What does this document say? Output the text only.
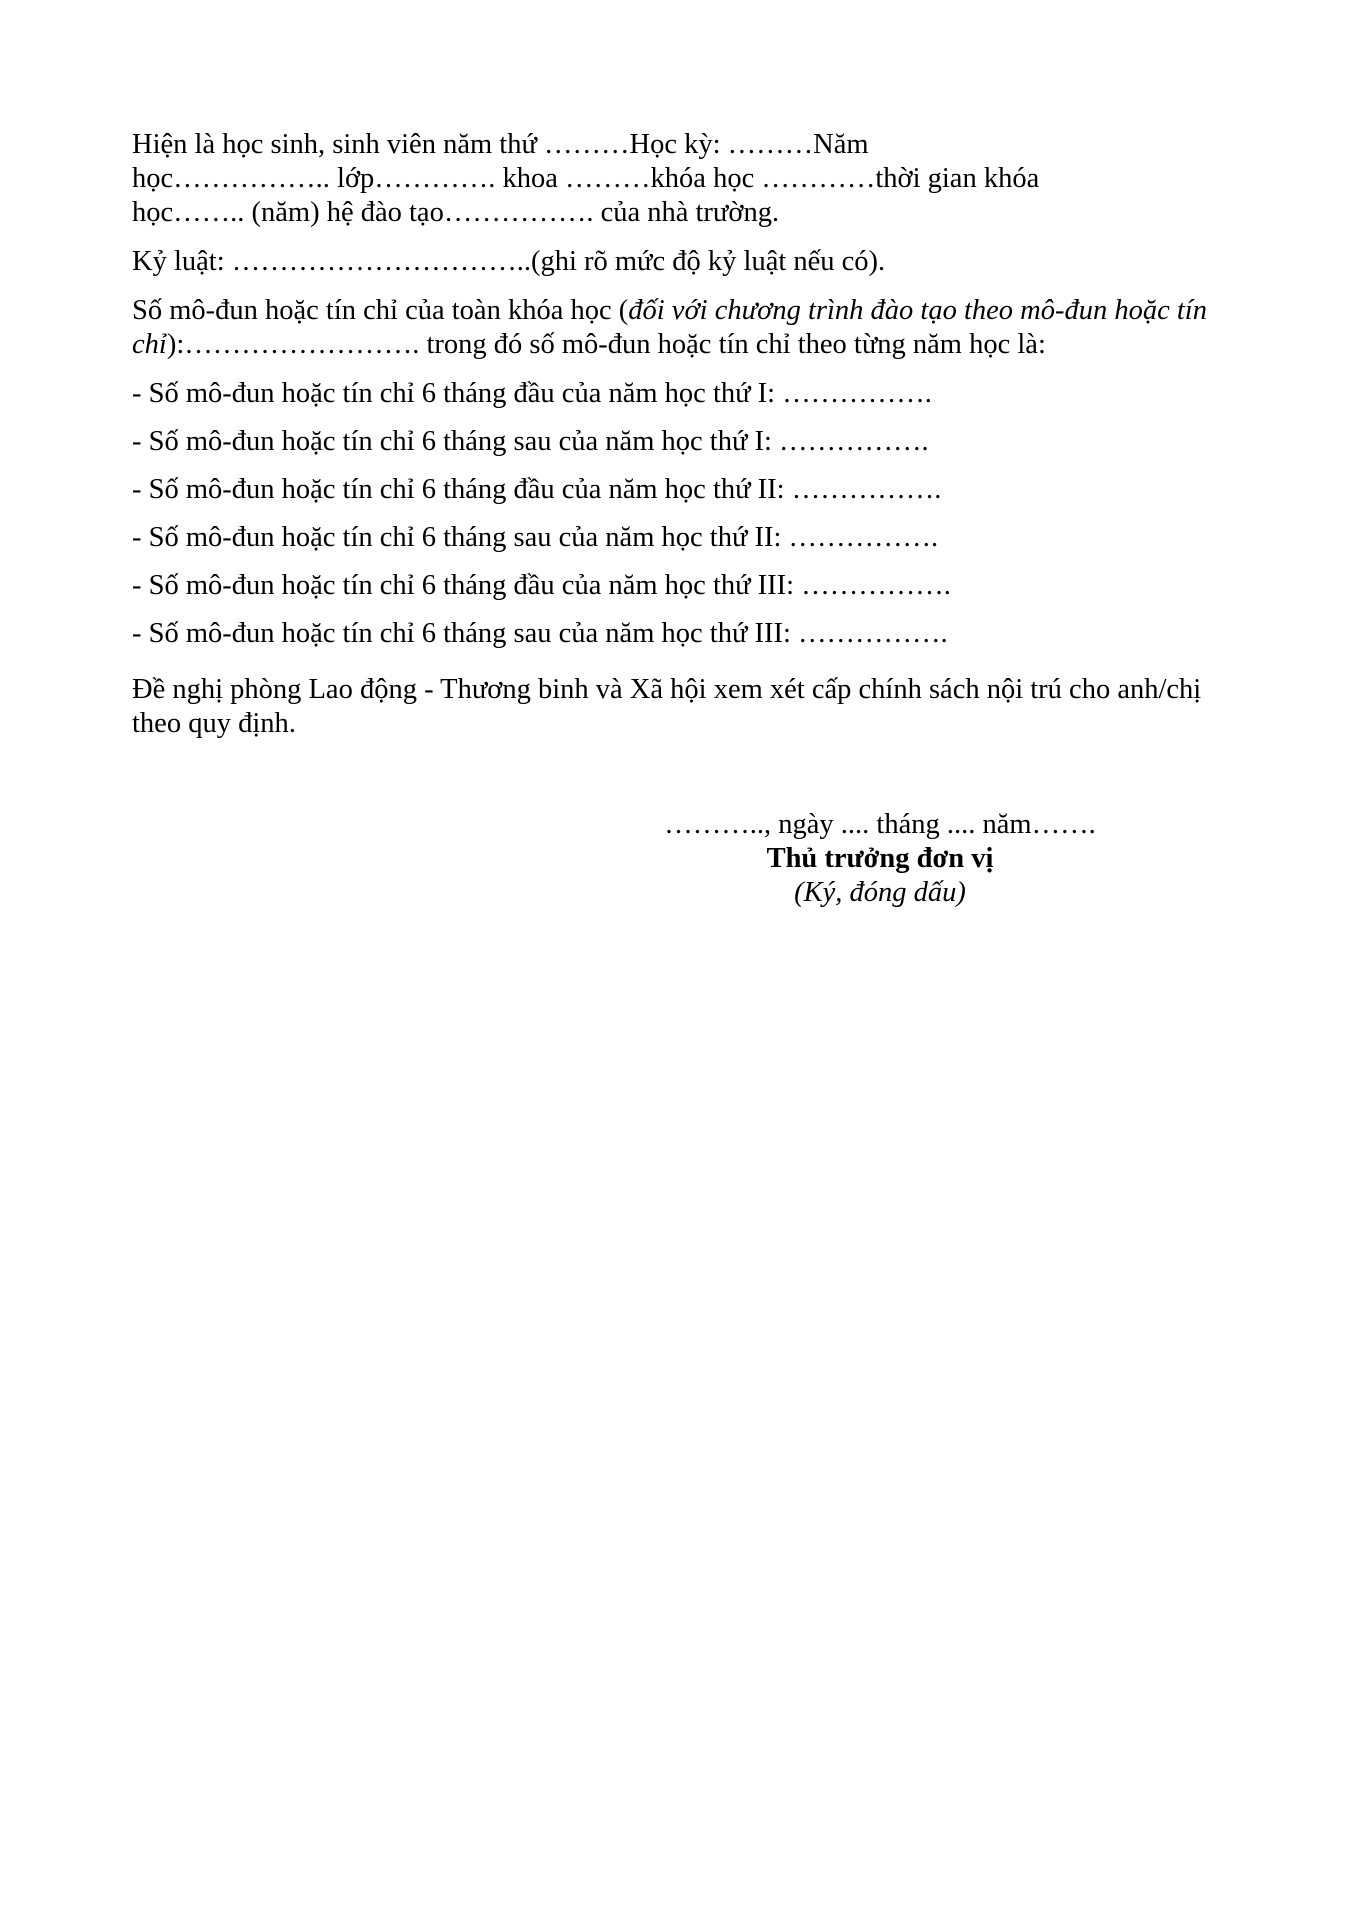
Hiện là học sinh, sinh viên năm thứ ………Học kỳ: ………Năm
học…………….. lớp…………. khoa ………khóa học …………thời gian khóa
học…….. (năm) hệ đào tạo……………. của nhà trường.

Kỷ luật: …………………………..(ghi rõ mức độ kỷ luật nếu có).

Số mô-đun hoặc tín chỉ của toàn khóa học (đối với chương trình đào tạo theo mô-đun hoặc tín chỉ):……………………. trong đó số mô-đun hoặc tín chỉ theo từng năm học là:

- Số mô-đun hoặc tín chỉ 6 tháng đầu của năm học thứ I: …………….

- Số mô-đun hoặc tín chỉ 6 tháng sau của năm học thứ I: …………….

- Số mô-đun hoặc tín chỉ 6 tháng đầu của năm học thứ II: …………….

- Số mô-đun hoặc tín chỉ 6 tháng sau của năm học thứ II: …………….

- Số mô-đun hoặc tín chỉ 6 tháng đầu của năm học thứ III: …………….

- Số mô-đun hoặc tín chỉ 6 tháng sau của năm học thứ III: …………….

Đề nghị phòng Lao động - Thương binh và Xã hội xem xét cấp chính sách nội trú cho anh/chị theo quy định.

……….., ngày .... tháng .... năm…….
Thủ trưởng đơn vị
(Ký, đóng dấu)
